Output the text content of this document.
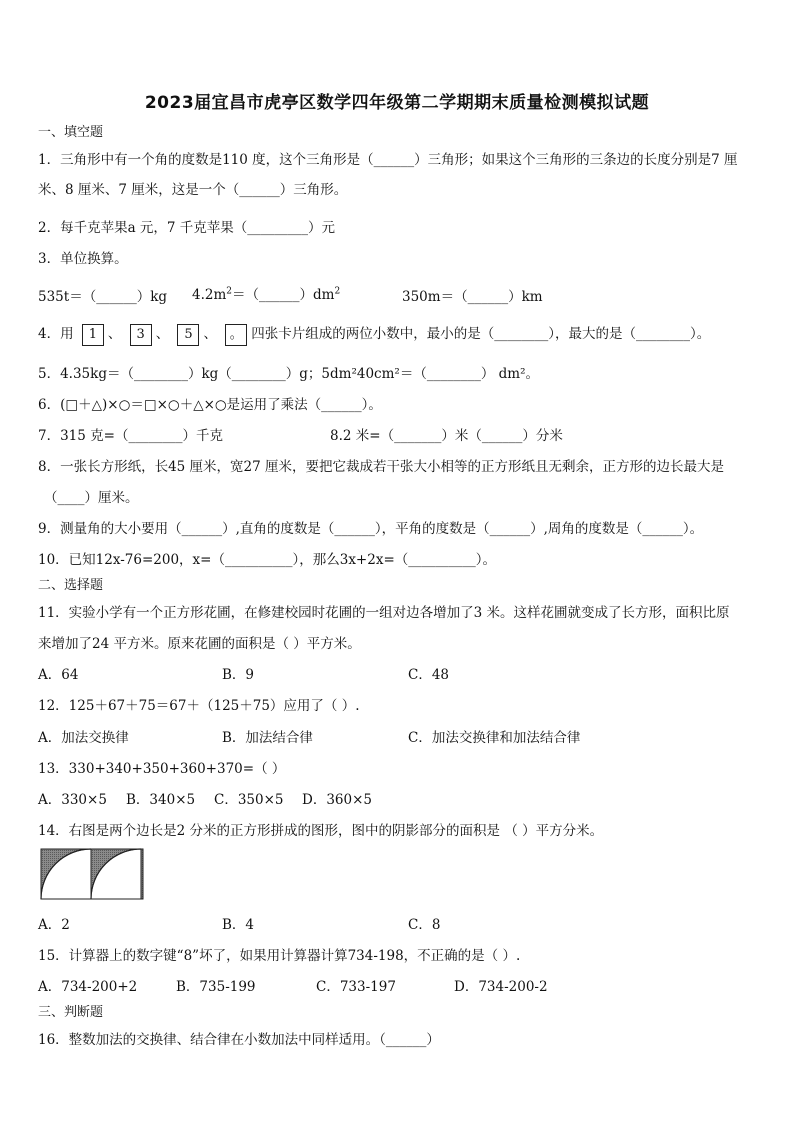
2023届宜昌市虎亭区数学四年级第二学期期末质量检测模拟试题
一、填空题
1．三角形中有一个角的度数是110 度，这个三角形是（______）三角形；如果这个三角形的三条边的长度分别是7 厘
米、8 厘米、7 厘米，这是一个（______）三角形。
2．每千克苹果a 元，7 千克苹果（_________）元
3．单位换算。
535t＝（______）kg $4.2m^2=(\_\_\_\_\_\_)dm^2$	350m＝（______）km
4．用 1 、 3 、 5 、 。 四张卡片组成的两位小数中，最小的是（________），最大的是（________）。
5．4.35kg＝（________）kg（________）g；5dm²40cm²＝（________） dm²。
6．(□＋△)×○＝□×○＋△×○是运用了乘法（______）。
7．315 克=（________）千克	8.2 米=（_______）米（______）分米
8．一张长方形纸，长45 厘米，宽27 厘米，要把它裁成若干张大小相等的正方形纸且无剩余，正方形的边长最大是
（____）厘米。
9．测量角的大小要用（______）,直角的度数是（______），平角的度数是（______）,周角的度数是（______）。
10．已知12x-76=200，x=（__________），那么3x+2x=（__________）。
二、选择题
11．实验小学有一个正方形花圃，在修建校园时花圃的一组对边各增加了3 米。这样花圃就变成了长方形，面积比原
来增加了24 平方米。原来花圃的面积是（ ）平方米。
A．64	B．9	C．48
12．125＋67＋75＝67＋（125＋75）应用了（ ）.
A．加法交换律	B．加法结合律	C．加法交换律和加法结合律
13．330+340+350+360+370=（ ）
A．330×5 B．340×5 C．350×5 D．360×5
14．右图是两个边长是2 分米的正方形拼成的图形，图中的阴影部分的面积是 （ ）平方分米。
A．2	B．4	C．8
15．计算器上的数字键“8”坏了，如果用计算器计算734-198，不正确的是（ ）.
A．734-200+2	B．735-199	C．733-197	D．734-200-2
三、判断题
16．整数加法的交换律、结合律在小数加法中同样适用。（______）
